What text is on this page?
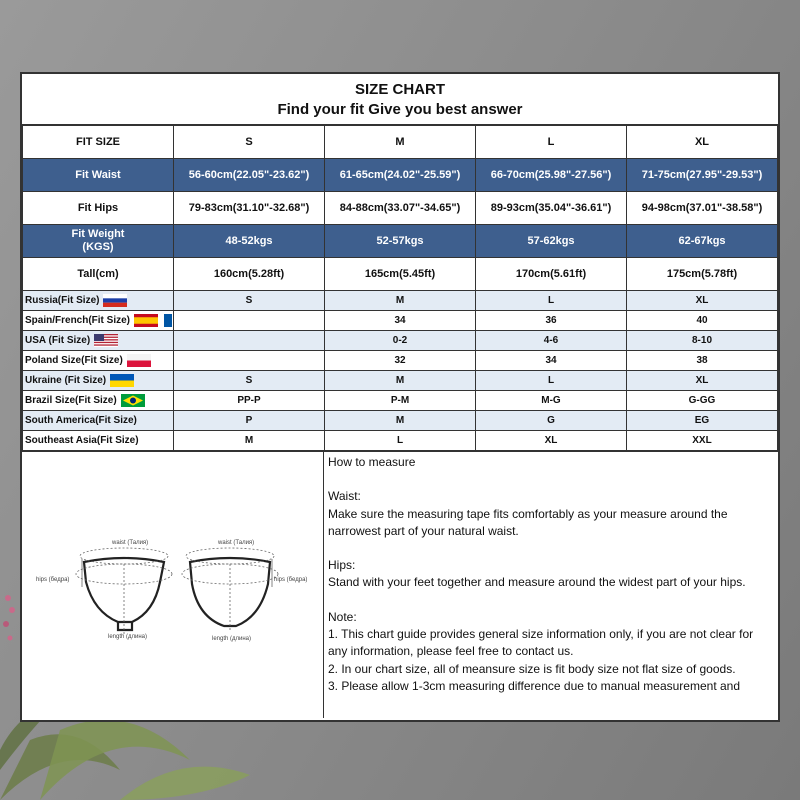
SIZE CHART
Find your fit Give you best answer
FIT SIZE	S	M	L	XL
Fit Waist	56-60cm(22.05"-23.62")	61-65cm(24.02"-25.59")	66-70cm(25.98"-27.56")	71-75cm(27.95"-29.53")
Fit Hips	79-83cm(31.10"-32.68")	84-88cm(33.07"-34.65")	89-93cm(35.04"-36.61")	94-98cm(37.01"-38.58")

Fit Weight
(KGS)	48-52kgs	52-57kgs	57-62kgs	62-67kgs
Tall(cm)	160cm(5.28ft)	165cm(5.45ft)	170cm(5.61ft)	175cm(5.78ft)
Russia(Fit Size)	S	M	L	XL
Spain/French(Fit Size)		34	36	40
USA (Fit Size)		0-2	4-6	8-10
Poland Size(Fit Size)		32	34	38
Ukraine (Fit Size)	S	M	L	XL
Brazil Size(Fit Size)	PP-P	P-M	M-G	G-GG
South America(Fit Size)	P	M	G	EG
Southeast Asia(Fit Size)	M	L	XL	XXL
waist (Талия)	waist (Талия)
hips (бедра)	hips (бедра)
length (длина)	length (длина)

How to measure

Waist:

Make sure the measuring tape fits comfortably as your measure around the narrowest part of your natural waist.

Hips:

Stand with your feet together and measure around the widest part of your hips.

Note:

1. This chart guide provides general size information only, if you are not clear for any information, please feel free to contact us.

2. In our chart size, all of meansure size is fit body size not flat size of goods.

3. Please allow 1-3cm measuring difference due to manual measurement and
